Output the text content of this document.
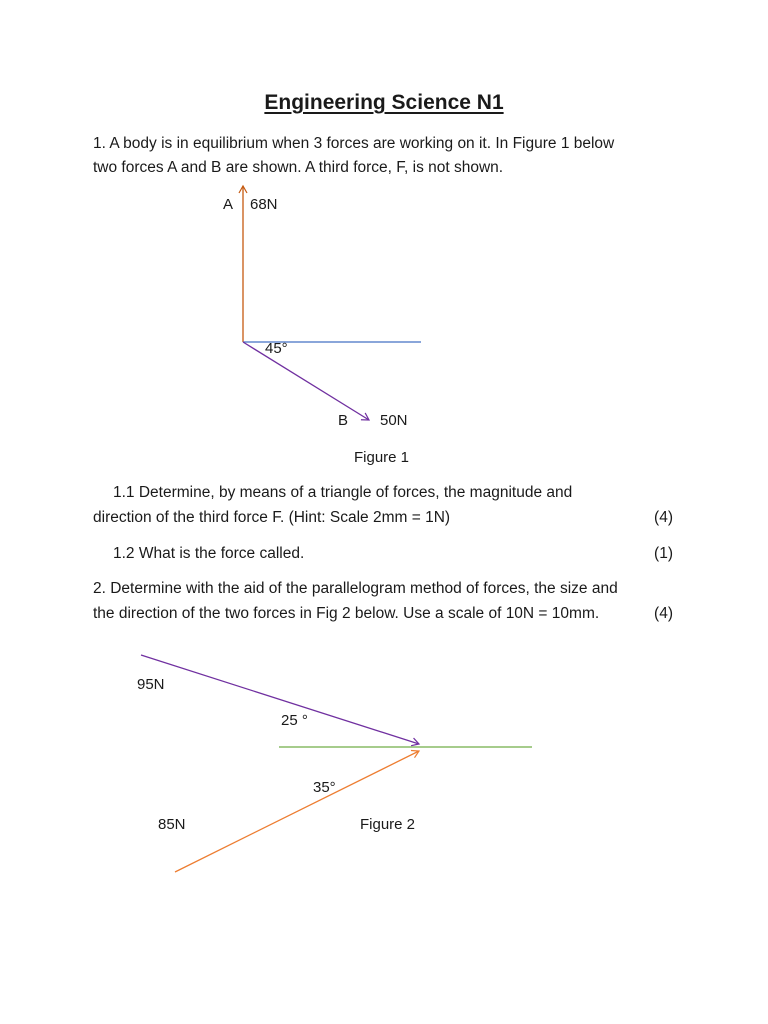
Engineering Science N1
1. A body is in equilibrium when 3 forces are working on it. In Figure 1 below
two forces A and B are shown. A third force, F, is not shown.
A 68N
45°
B 50N
Figure 1
1.1 Determine, by means of a triangle of forces, the magnitude and
direction of the third force F. (Hint: Scale 2mm = 1N)	(4)
1.2 What is the force called.	(1)
2. Determine with the aid of the parallelogram method of forces, the size and
the direction of the two forces in Fig 2 below. Use a scale of 10N = 10mm.	(4)
95N
25 °
35°
85N	Figure 2
